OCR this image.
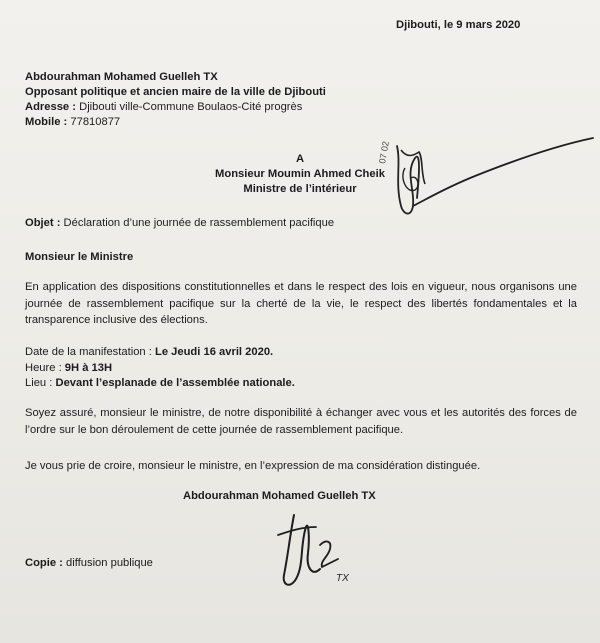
Djibouti, le 9 mars 2020
Abdourahman Mohamed Guelleh TX
Opposant politique et ancien maire de la ville de Djibouti
Adresse : Djibouti ville-Commune Boulaos-Cité progrès
Mobile : 77810877
A
Monsieur Moumin Ahmed Cheik
Ministre de l’intérieur
Objet : Déclaration d’une journée de rassemblement pacifique
Monsieur le Ministre
En application des dispositions constitutionnelles et dans le respect des lois en vigueur, nous organisons une journée de rassemblement pacifique sur la cherté de la vie, le respect des libertés fondamentales et la transparence inclusive des élections.
Date de la manifestation : Le Jeudi 16 avril 2020.
Heure : 9H à 13H
Lieu : Devant l’esplanade de l’assemblée nationale.
Soyez assuré, monsieur le ministre, de notre disponibilité à échanger avec vous et les autorités des forces de l’ordre sur le bon déroulement de cette journée de rassemblement pacifique.
Je vous prie de croire, monsieur le ministre, en l’expression de ma considération distinguée.
Abdourahman Mohamed Guelleh TX
Copie : diffusion publique
07 02
TX
